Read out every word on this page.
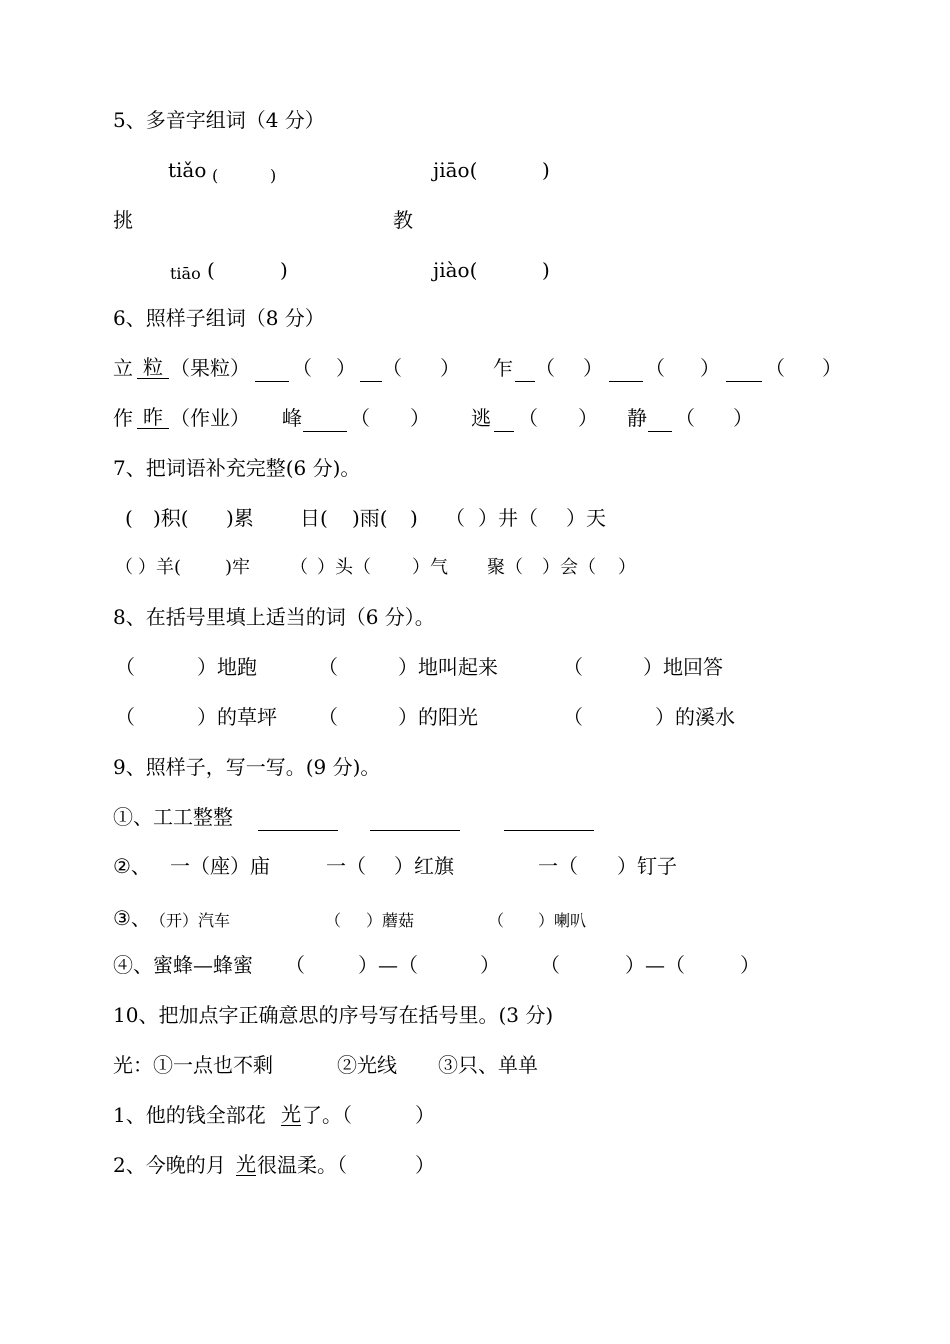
5、多音字组词（4 分）
tiǎo (	)	jiāo(	)
挑	教
tiāo (	)	jiào(	)
6、照样子组词（8 分）
立 粒 （果粒） （ ） （ ） 乍 （ ） （ ） （ ）
作 昨 （作业） 峰 （ ） 逃 （ ） 静 （ ）
7、把词语补充完整(6 分)。
( )积( )累 日( )雨( ) （ ）井（ ）天
（ ）羊( )牢 （ ）头（ ）气 聚（ ）会（ ）
8、在括号里填上适当的词（6 分）。
（	）地跑	（	）地叫起来	（	）地回答
（	）的草坪 （	）的阳光	（	）的溪水
9、照样子，写一写。(9 分)。
①、工工整整
②、 一（座）庙	一（ ）红旗	一（ ）钉子
③、 （开）汽车	（ ）蘑菇	（ ）喇叭
④、蜜蜂—蜂蜜 （	）—（	） （	）—（	）
10、把加点字正确意思的序号写在括号里。(3 分)
光：①一点也不剩	②光线 ③只、单单
1、他的钱全部花 光 了。（	）
2、今晚的月 光 很温柔。（	）
